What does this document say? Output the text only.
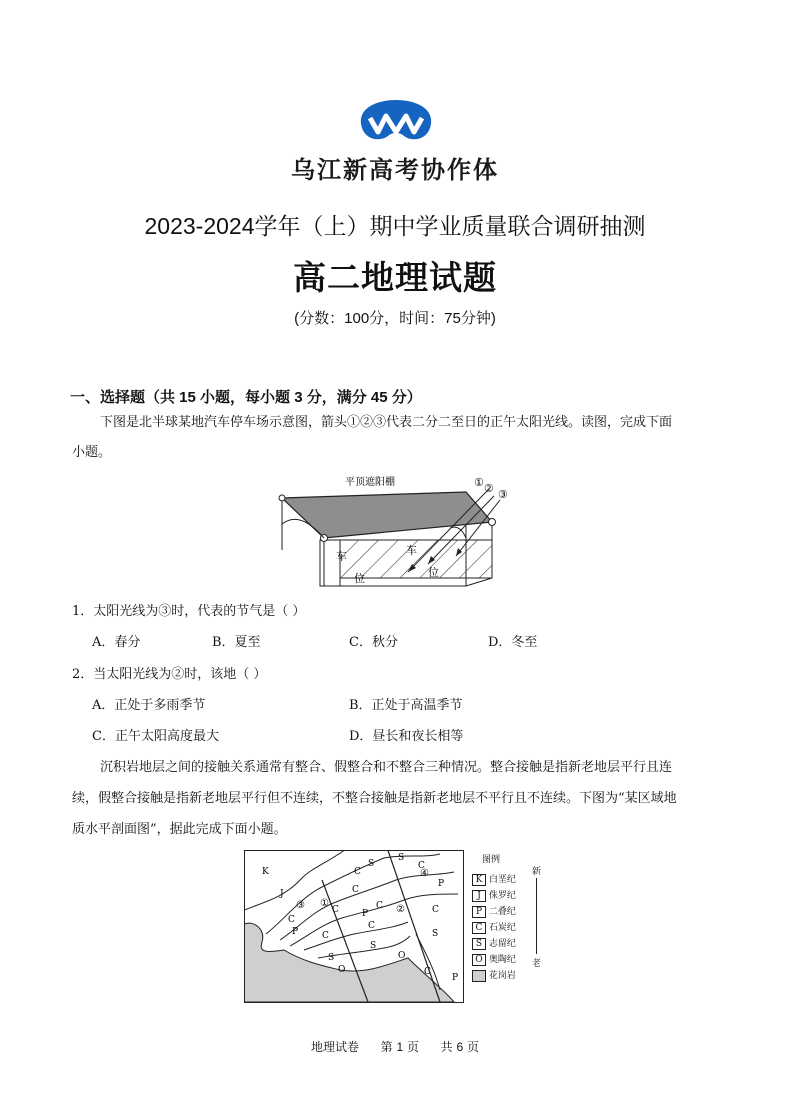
乌江新高考协作体
2023-2024学年（上）期中学业质量联合调研抽测
高二地理试题
(分数：100分，时间：75分钟)
一、选择题（共 15 小题，每小题 3 分，满分 45 分）
下图是北半球某地汽车停车场示意图，箭头①②③代表二分二至日的正午太阳光线。读图，完成下面
小题。
平顶遮阳棚	① ② ③
车
位
车
位
1．太阳光线为③时，代表的节气是（ ）
A．春分	B．夏至	C．秋分	D．冬至
2．当太阳光线为②时，该地（ ）
A．正处于多雨季节	B．正处于高温季节
C．正午太阳高度最大	D．昼长和夜长相等
沉积岩地层之间的接触关系通常有整合、假整合和不整合三种情况。整合接触是指新老地层平行且连
续，假整合接触是指新老地层平行但不连续，不整合接触是指新老地层不平行且不连续。下图为“某区域地
质水平剖面图”，据此完成下面小题。
K
J
C
P
C
S
S
C
P
C
P
C	C
C
C
C
S
S
S
O
O
C
P
③ ①
②
④
图例
K 白垩纪
J 侏罗纪
P 二叠纪
C 石炭纪
S 志留纪
O 奥陶纪
花岗岩
新
老
地理试卷 第 1 页 共 6 页
